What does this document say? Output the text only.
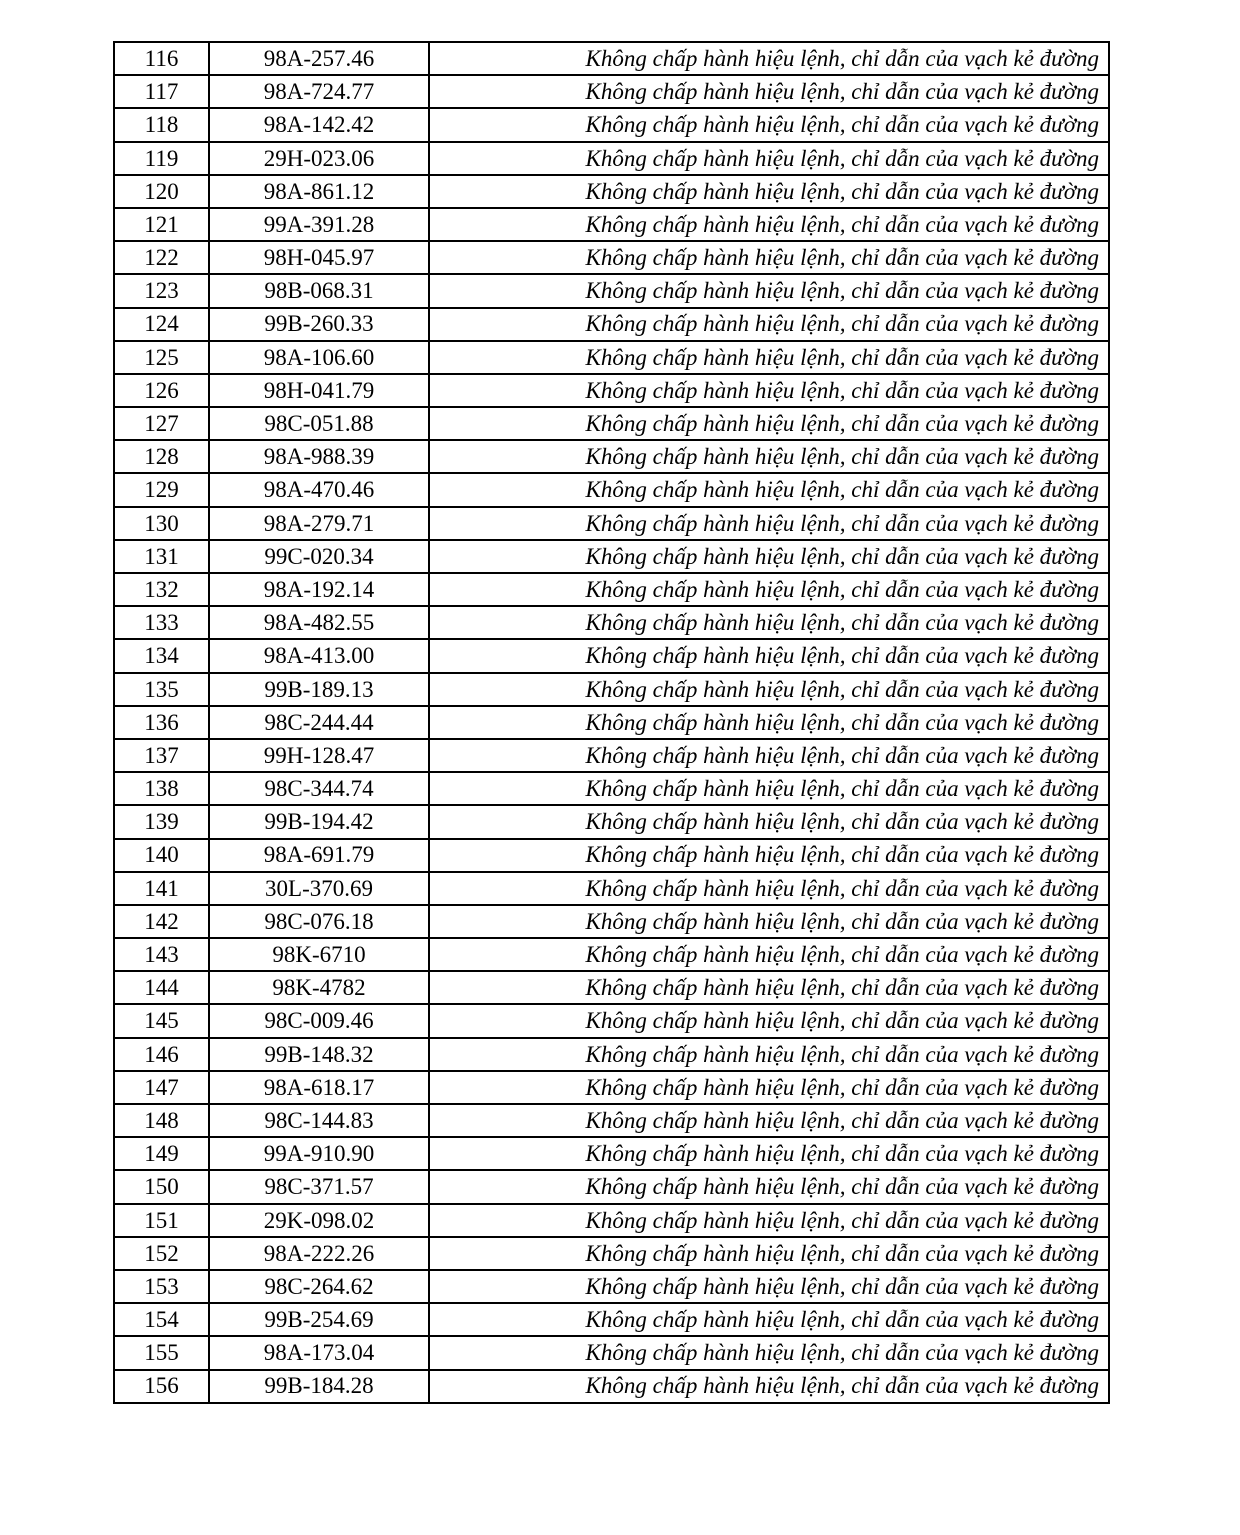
116	98A-257.46	Không chấp hành hiệu lệnh, chỉ dẫn của vạch kẻ đường
117	98A-724.77	Không chấp hành hiệu lệnh, chỉ dẫn của vạch kẻ đường
118	98A-142.42	Không chấp hành hiệu lệnh, chỉ dẫn của vạch kẻ đường
119	29H-023.06	Không chấp hành hiệu lệnh, chỉ dẫn của vạch kẻ đường
120	98A-861.12	Không chấp hành hiệu lệnh, chỉ dẫn của vạch kẻ đường
121	99A-391.28	Không chấp hành hiệu lệnh, chỉ dẫn của vạch kẻ đường
122	98H-045.97	Không chấp hành hiệu lệnh, chỉ dẫn của vạch kẻ đường
123	98B-068.31	Không chấp hành hiệu lệnh, chỉ dẫn của vạch kẻ đường
124	99B-260.33	Không chấp hành hiệu lệnh, chỉ dẫn của vạch kẻ đường
125	98A-106.60	Không chấp hành hiệu lệnh, chỉ dẫn của vạch kẻ đường
126	98H-041.79	Không chấp hành hiệu lệnh, chỉ dẫn của vạch kẻ đường
127	98C-051.88	Không chấp hành hiệu lệnh, chỉ dẫn của vạch kẻ đường
128	98A-988.39	Không chấp hành hiệu lệnh, chỉ dẫn của vạch kẻ đường
129	98A-470.46	Không chấp hành hiệu lệnh, chỉ dẫn của vạch kẻ đường
130	98A-279.71	Không chấp hành hiệu lệnh, chỉ dẫn của vạch kẻ đường
131	99C-020.34	Không chấp hành hiệu lệnh, chỉ dẫn của vạch kẻ đường
132	98A-192.14	Không chấp hành hiệu lệnh, chỉ dẫn của vạch kẻ đường
133	98A-482.55	Không chấp hành hiệu lệnh, chỉ dẫn của vạch kẻ đường
134	98A-413.00	Không chấp hành hiệu lệnh, chỉ dẫn của vạch kẻ đường
135	99B-189.13	Không chấp hành hiệu lệnh, chỉ dẫn của vạch kẻ đường
136	98C-244.44	Không chấp hành hiệu lệnh, chỉ dẫn của vạch kẻ đường
137	99H-128.47	Không chấp hành hiệu lệnh, chỉ dẫn của vạch kẻ đường
138	98C-344.74	Không chấp hành hiệu lệnh, chỉ dẫn của vạch kẻ đường
139	99B-194.42	Không chấp hành hiệu lệnh, chỉ dẫn của vạch kẻ đường
140	98A-691.79	Không chấp hành hiệu lệnh, chỉ dẫn của vạch kẻ đường
141	30L-370.69	Không chấp hành hiệu lệnh, chỉ dẫn của vạch kẻ đường
142	98C-076.18	Không chấp hành hiệu lệnh, chỉ dẫn của vạch kẻ đường
143	98K-6710	Không chấp hành hiệu lệnh, chỉ dẫn của vạch kẻ đường
144	98K-4782	Không chấp hành hiệu lệnh, chỉ dẫn của vạch kẻ đường
145	98C-009.46	Không chấp hành hiệu lệnh, chỉ dẫn của vạch kẻ đường
146	99B-148.32	Không chấp hành hiệu lệnh, chỉ dẫn của vạch kẻ đường
147	98A-618.17	Không chấp hành hiệu lệnh, chỉ dẫn của vạch kẻ đường
148	98C-144.83	Không chấp hành hiệu lệnh, chỉ dẫn của vạch kẻ đường
149	99A-910.90	Không chấp hành hiệu lệnh, chỉ dẫn của vạch kẻ đường
150	98C-371.57	Không chấp hành hiệu lệnh, chỉ dẫn của vạch kẻ đường
151	29K-098.02	Không chấp hành hiệu lệnh, chỉ dẫn của vạch kẻ đường
152	98A-222.26	Không chấp hành hiệu lệnh, chỉ dẫn của vạch kẻ đường
153	98C-264.62	Không chấp hành hiệu lệnh, chỉ dẫn của vạch kẻ đường
154	99B-254.69	Không chấp hành hiệu lệnh, chỉ dẫn của vạch kẻ đường
155	98A-173.04	Không chấp hành hiệu lệnh, chỉ dẫn của vạch kẻ đường
156	99B-184.28	Không chấp hành hiệu lệnh, chỉ dẫn của vạch kẻ đường
